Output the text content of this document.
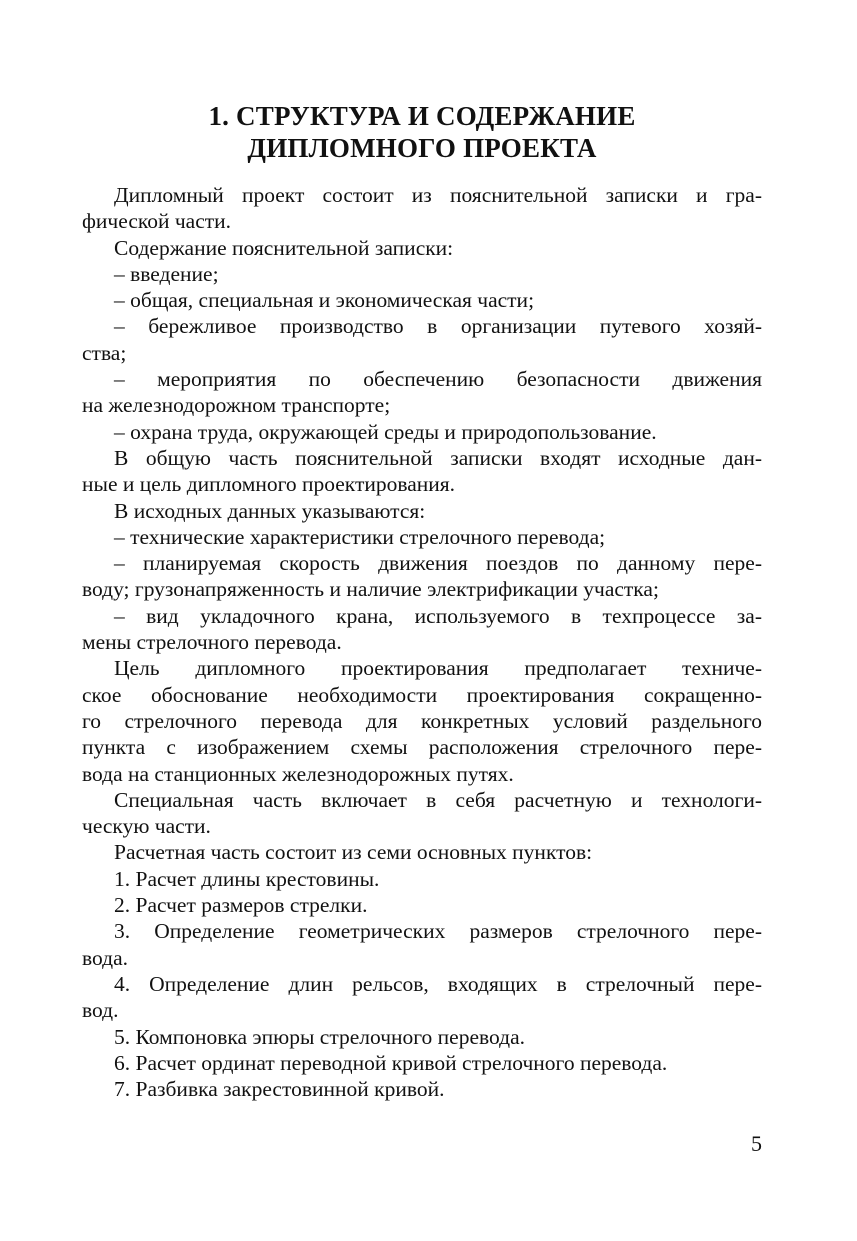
1. СТРУКТУРА И СОДЕРЖАНИЕ
ДИПЛОМНОГО ПРОЕКТА

Дипломный проект состоит из пояснительной записки и гра-
фической части.

Содержание пояснительной записки:

– введение;

– общая, специальная и экономическая части;

– бережливое производство в организации путевого хозяй-
ства;

– мероприятия по обеспечению безопасности движения
на железнодорожном транспорте;

– охрана труда, окружающей среды и природопользование.

В общую часть пояснительной записки входят исходные дан-
ные и цель дипломного проектирования.

В исходных данных указываются:

– технические характеристики стрелочного перевода;

– планируемая скорость движения поездов по данному пере-
воду; грузонапряженность и наличие электрификации участка;

– вид укладочного крана, используемого в техпроцессе за-
мены стрелочного перевода.

Цель дипломного проектирования предполагает техниче-
ское обоснование необходимости проектирования сокращенно-
го стрелочного перевода для конкретных условий раздельного
пункта с изображением схемы расположения стрелочного пере-
вода на станционных железнодорожных путях.

Специальная часть включает в себя расчетную и технологи-
ческую части.

Расчетная часть состоит из семи основных пунктов:

1. Расчет длины крестовины.

2. Расчет размеров стрелки.

3. Определение геометрических размеров стрелочного пере-
вода.

4. Определение длин рельсов, входящих в стрелочный пере-
вод.

5. Компоновка эпюры стрелочного перевода.

6. Расчет ординат переводной кривой стрелочного перевода.

7. Разбивка закрестовинной кривой.

5
